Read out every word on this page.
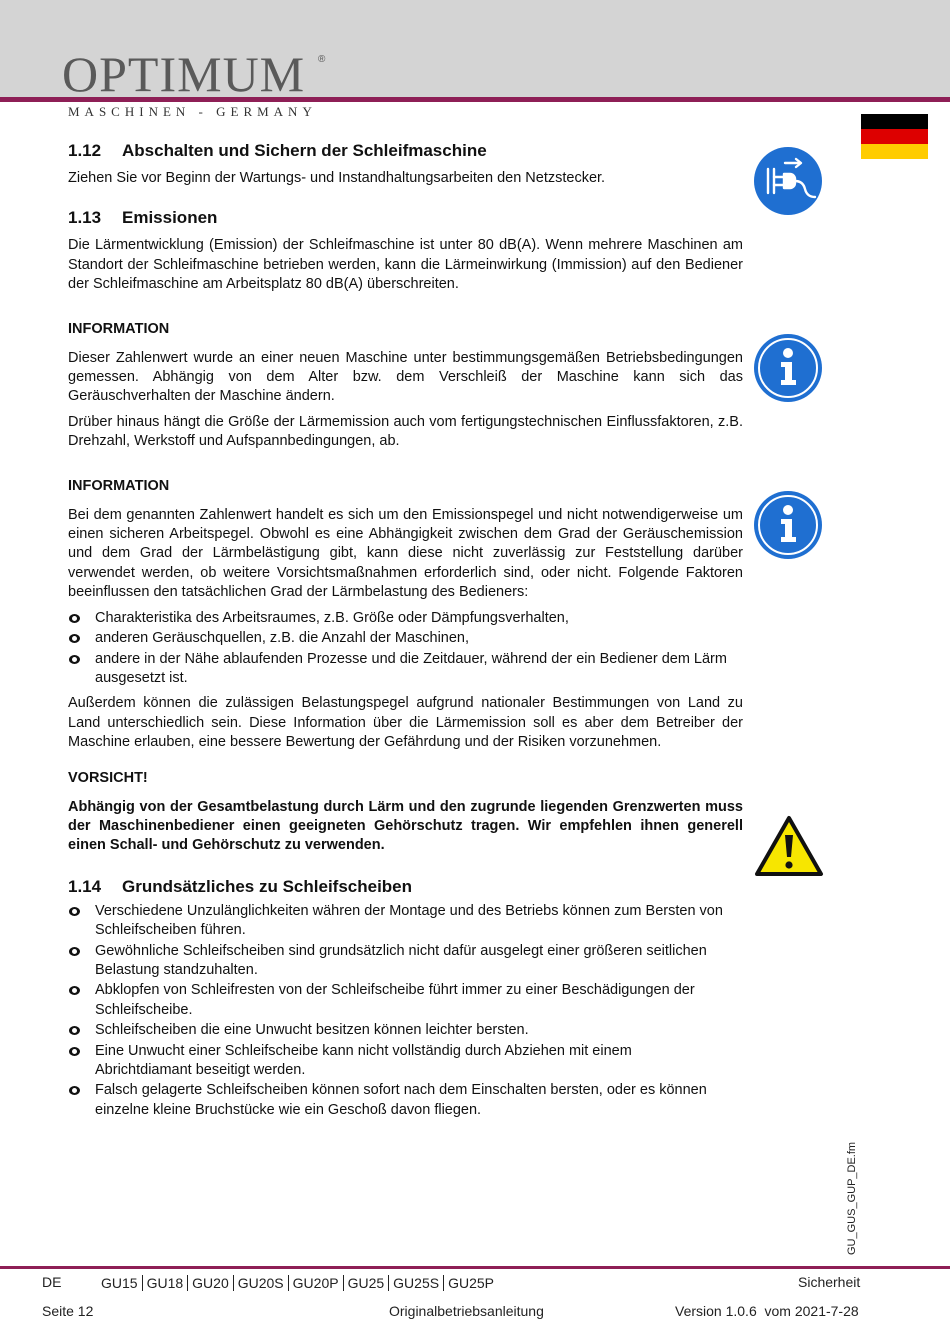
OPTIMUM ®
MASCHINEN - GERMANY
1.12	Abschalten und Sichern der Schleifmaschine

Ziehen Sie vor Beginn der Wartungs- und Instandhaltungsarbeiten den Netzstecker.

1.13	Emissionen

Die Lärmentwicklung (Emission) der Schleifmaschine ist unter 80 dB(A). Wenn mehrere Maschinen am Standort der Schleifmaschine betrieben werden, kann die Lärmeinwirkung (Immission) auf den Bediener der Schleifmaschine am Arbeitsplatz 80 dB(A) überschreiten.

INFORMATION

Dieser Zahlenwert wurde an einer neuen Maschine unter bestimmungsgemäßen Betriebsbedingungen gemessen. Abhängig von dem Alter bzw. dem Verschleiß der Maschine kann sich das Geräuschverhalten der Maschine ändern.

Drüber hinaus hängt die Größe der Lärmemission auch vom fertigungstechnischen Einflussfaktoren, z.B. Drehzahl, Werkstoff und Aufspannbedingungen, ab.

INFORMATION

Bei dem genannten Zahlenwert handelt es sich um den Emissionspegel und nicht notwendigerweise um einen sicheren Arbeitspegel. Obwohl es eine Abhängigkeit zwischen dem Grad der Geräuschemission und dem Grad der Lärmbelästigung gibt, kann diese nicht zuverlässig zur Feststellung darüber verwendet werden, ob weitere Vorsichtsmaßnahmen erforderlich sind, oder nicht. Folgende Faktoren beeinflussen den tatsächlichen Grad der Lärmbelastung des Bedieners:

Charakteristika des Arbeitsraumes, z.B. Größe oder Dämpfungsverhalten,
anderen Geräuschquellen, z.B. die Anzahl der Maschinen,
andere in der Nähe ablaufenden Prozesse und die Zeitdauer, während der ein Bediener dem Lärm ausgesetzt ist.

Außerdem können die zulässigen Belastungspegel aufgrund nationaler Bestimmungen von Land zu Land unterschiedlich sein. Diese Information über die Lärmemission soll es aber dem Betreiber der Maschine erlauben, eine bessere Bewertung der Gefährdung und der Risiken vorzunehmen.

VORSICHT!

Abhängig von der Gesamtbelastung durch Lärm und den zugrunde liegenden Grenzwerten muss der Maschinenbediener einen geeigneten Gehörschutz tragen. Wir empfehlen ihnen generell einen Schall- und Gehörschutz zu verwenden.

1.14	Grundsätzliches zu Schleifscheiben
Verschiedene Unzulänglichkeiten währen der Montage und des Betriebs können zum Bersten von Schleifscheiben führen.
Gewöhnliche Schleifscheiben sind grundsätzlich nicht dafür ausgelegt einer größeren seitlichen Belastung standzuhalten.
Abklopfen von Schleifresten von der Schleifscheibe führt immer zu einer Beschädigungen der Schleifscheibe.
Schleifscheiben die eine Unwucht besitzen können leichter bersten.
Eine Unwucht einer Schleifscheibe kann nicht vollständig durch Abziehen mit einem Abrichtdiamant beseitigt werden.
Falsch gelagerte Schleifscheiben können sofort nach dem Einschalten bersten, oder es können einzelne kleine Bruchstücke wie ein Geschoß davon fliegen.
GU_GUS_GUP_DE.fm
DE	GU15 GU18 GU20 GU20S GU20P GU25 GU25S GU25P	Sicherheit
Seite 12	Originalbetriebsanleitung	Version 1.0.6  vom 2021-7-28
